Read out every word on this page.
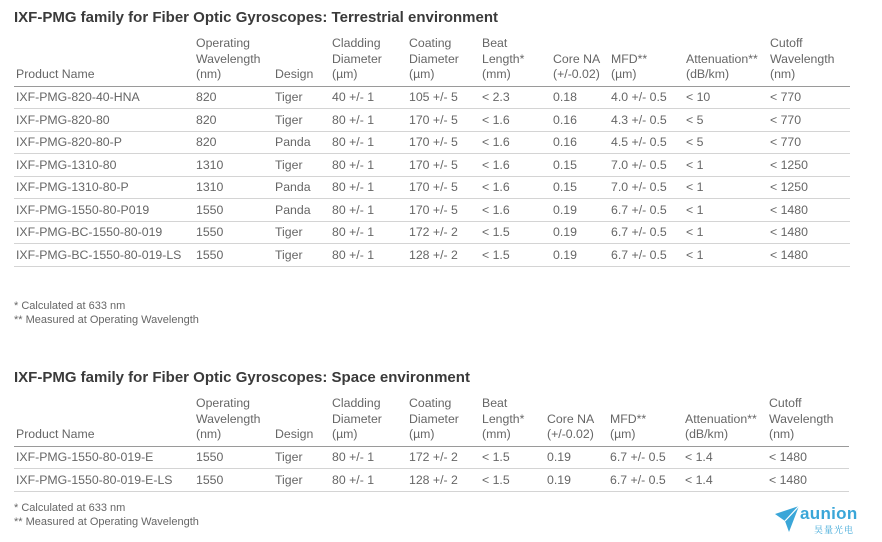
IXF-PMG family for Fiber Optic Gyroscopes: Terrestrial environment
Product Name	Operating
Wavelength
(nm)	Design	Cladding
Diameter
(µm)	Coating
Diameter
(µm)	Beat
Length*
(mm)	Core NA
(+/-0.02)	MFD**
(µm)	Attenuation**
(dB/km)	Cutoff
Wavelength
(nm)
IXF-PMG-820-40-HNA	820	Tiger	40 +/- 1	105 +/- 5	< 2.3	0.18	4.0 +/- 0.5	< 10	< 770
IXF-PMG-820-80	820	Tiger	80 +/- 1	170 +/- 5	< 1.6	0.16	4.3 +/- 0.5	< 5	< 770
IXF-PMG-820-80-P	820	Panda	80 +/- 1	170 +/- 5	< 1.6	0.16	4.5 +/- 0.5	< 5	< 770
IXF-PMG-1310-80	1310	Tiger	80 +/- 1	170 +/- 5	< 1.6	0.15	7.0 +/- 0.5	< 1	< 1250
IXF-PMG-1310-80-P	1310	Panda	80 +/- 1	170 +/- 5	< 1.6	0.15	7.0 +/- 0.5	< 1	< 1250
IXF-PMG-1550-80-P019	1550	Panda	80 +/- 1	170 +/- 5	< 1.6	0.19	6.7 +/- 0.5	< 1	< 1480
IXF-PMG-BC-1550-80-019	1550	Tiger	80 +/- 1	172 +/- 2	< 1.5	0.19	6.7 +/- 0.5	< 1	< 1480
IXF-PMG-BC-1550-80-019-LS	1550	Tiger	80 +/- 1	128 +/- 2	< 1.5	0.19	6.7 +/- 0.5	< 1	< 1480
* Calculated at 633 nm
** Measured at Operating Wavelength
IXF-PMG family for Fiber Optic Gyroscopes: Space environment
Product Name	Operating
Wavelength
(nm)	Design	Cladding
Diameter
(µm)	Coating
Diameter
(µm)	Beat
Length*
(mm)	Core NA
(+/-0.02)	MFD**
(µm)	Attenuation**
(dB/km)	Cutoff
Wavelength
(nm)
IXF-PMG-1550-80-019-E	1550	Tiger	80 +/- 1	172 +/- 2	< 1.5	0.19	6.7 +/- 0.5	< 1.4	< 1480
IXF-PMG-1550-80-019-E-LS	1550	Tiger	80 +/- 1	128 +/- 2	< 1.5	0.19	6.7 +/- 0.5	< 1.4	< 1480
* Calculated at 633 nm
** Measured at Operating Wavelength	aunion
昊量光电
